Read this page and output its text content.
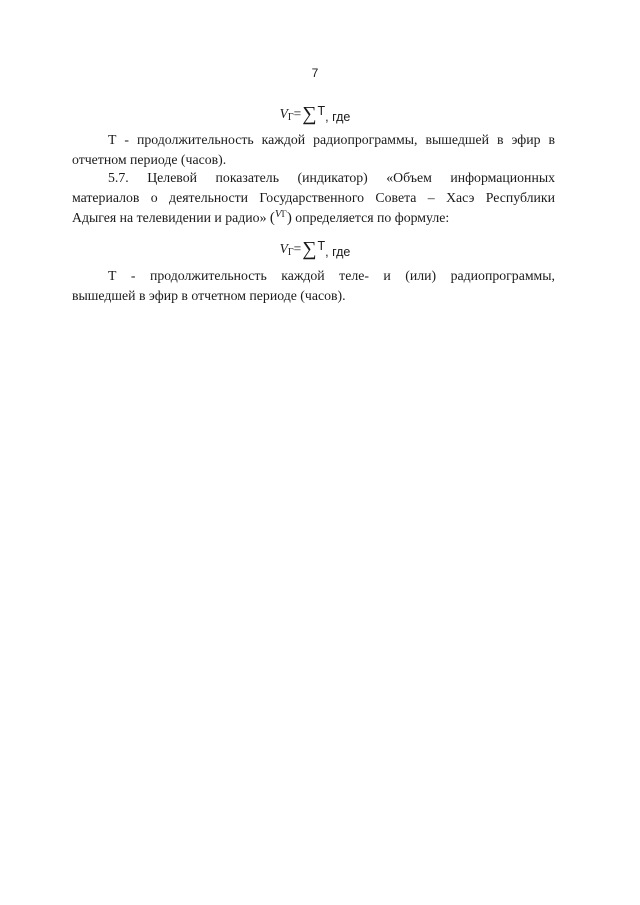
7
VГ=∑Т, где
Т - продолжительность каждой радиопрограммы, вышедшей в эфир в
отчетном периоде (часов).
5.7. Целевой показатель (индикатор) «Объем информационных
материалов о деятельности Государственного Совета – Хасэ Республики
Адыгея на телевидении и радио» ($^{VГ}$) определяется по формуле:
VГ=∑Т, где
Т - продолжительность каждой теле- и (или) радиопрограммы,
вышедшей в эфир в отчетном периоде (часов).
